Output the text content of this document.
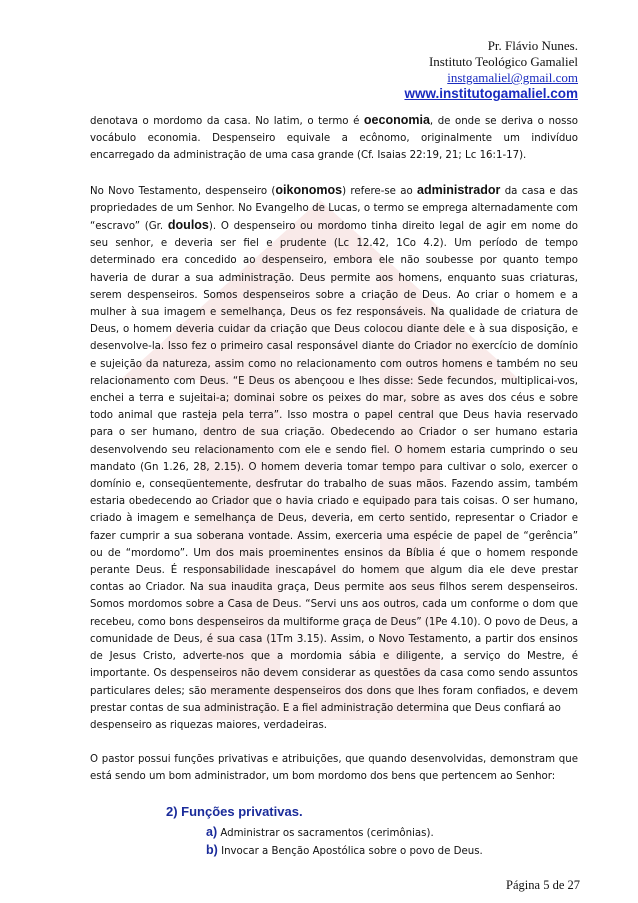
Pr. Flávio Nunes.
Instituto Teológico Gamaliel
instgamaliel@gmail.com
www.institutogamaliel.com

denotava o mordomo da casa. No latim, o termo é oeconomia, de onde se deriva o nosso vocábulo economia. Despenseiro equivale a ecônomo, originalmente um indivíduo encarregado da administração de uma casa grande (Cf. Isaias 22:19, 21; Lc 16:1-17).

No Novo Testamento, despenseiro (oikonomos) refere-se ao administrador da casa e das propriedades de um Senhor. No Evangelho de Lucas, o termo se emprega alternadamente com “escravo” (Gr. doulos). O despenseiro ou mordomo tinha direito legal de agir em nome do seu senhor, e deveria ser fiel e prudente (Lc 12.42, 1Co 4.2). Um período de tempo determinado era concedido ao despenseiro, embora ele não soubesse por quanto tempo haveria de durar a sua administração. Deus permite aos homens, enquanto suas criaturas, serem despenseiros. Somos despenseiros sobre a criação de Deus. Ao criar o homem e a mulher à sua imagem e semelhança, Deus os fez responsáveis. Na qualidade de criatura de Deus, o homem deveria cuidar da criação que Deus colocou diante dele e à sua disposição, e desenvolve-la. Isso fez o primeiro casal responsável diante do Criador no exercício de domínio e sujeição da natureza, assim como no relacionamento com outros homens e também no seu relacionamento com Deus. “E Deus os abençoou e lhes disse: Sede fecundos, multiplicai-vos, enchei a terra e sujeitai-a; dominai sobre os peixes do mar, sobre as aves dos céus e sobre todo animal que rasteja pela terra”. Isso mostra o papel central que Deus havia reservado para o ser humano, dentro de sua criação. Obedecendo ao Criador o ser humano estaria desenvolvendo seu relacionamento com ele e sendo fiel. O homem estaria cumprindo o seu mandato (Gn 1.26, 28, 2.15). O homem deveria tomar tempo para cultivar o solo, exercer o domínio e, conseqüentemente, desfrutar do trabalho de suas mãos. Fazendo assim, também estaria obedecendo ao Criador que o havia criado e equipado para tais coisas. O ser humano, criado à imagem e semelhança de Deus, deveria, em certo sentido, representar o Criador e fazer cumprir a sua soberana vontade. Assim, exerceria uma espécie de papel de “gerência” ou de “mordomo”. Um dos mais proeminentes ensinos da Bíblia é que o homem responde perante Deus. É responsabilidade inescapável do homem que algum dia ele deve prestar contas ao Criador. Na sua inaudita graça, Deus permite aos seus filhos serem despenseiros. Somos mordomos sobre a Casa de Deus. “Servi uns aos outros, cada um conforme o dom que recebeu, como bons despenseiros da multiforme graça de Deus” (1Pe 4.10). O povo de Deus, a comunidade de Deus, é sua casa (1Tm 3.15). Assim, o Novo Testamento, a partir dos ensinos de Jesus Cristo, adverte-nos que a mordomia sábia e diligente, a serviço do Mestre, é importante. Os despenseiros não devem considerar as questões da casa como sendo assuntos particulares deles; são meramente despenseiros dos dons que lhes foram confiados, e devem prestar contas de sua administração. E a fiel administração determina que Deus confiará ao

despenseiro as riquezas maiores, verdadeiras.

O pastor possui funções privativas e atribuições, que quando desenvolvidas, demonstram que está sendo um bom administrador, um bom mordomo dos bens que pertencem ao Senhor:

2) Funções privativas.
a) Administrar os sacramentos (cerimônias).
b) Invocar a Benção Apostólica sobre o povo de Deus.
Página 5 de 27
